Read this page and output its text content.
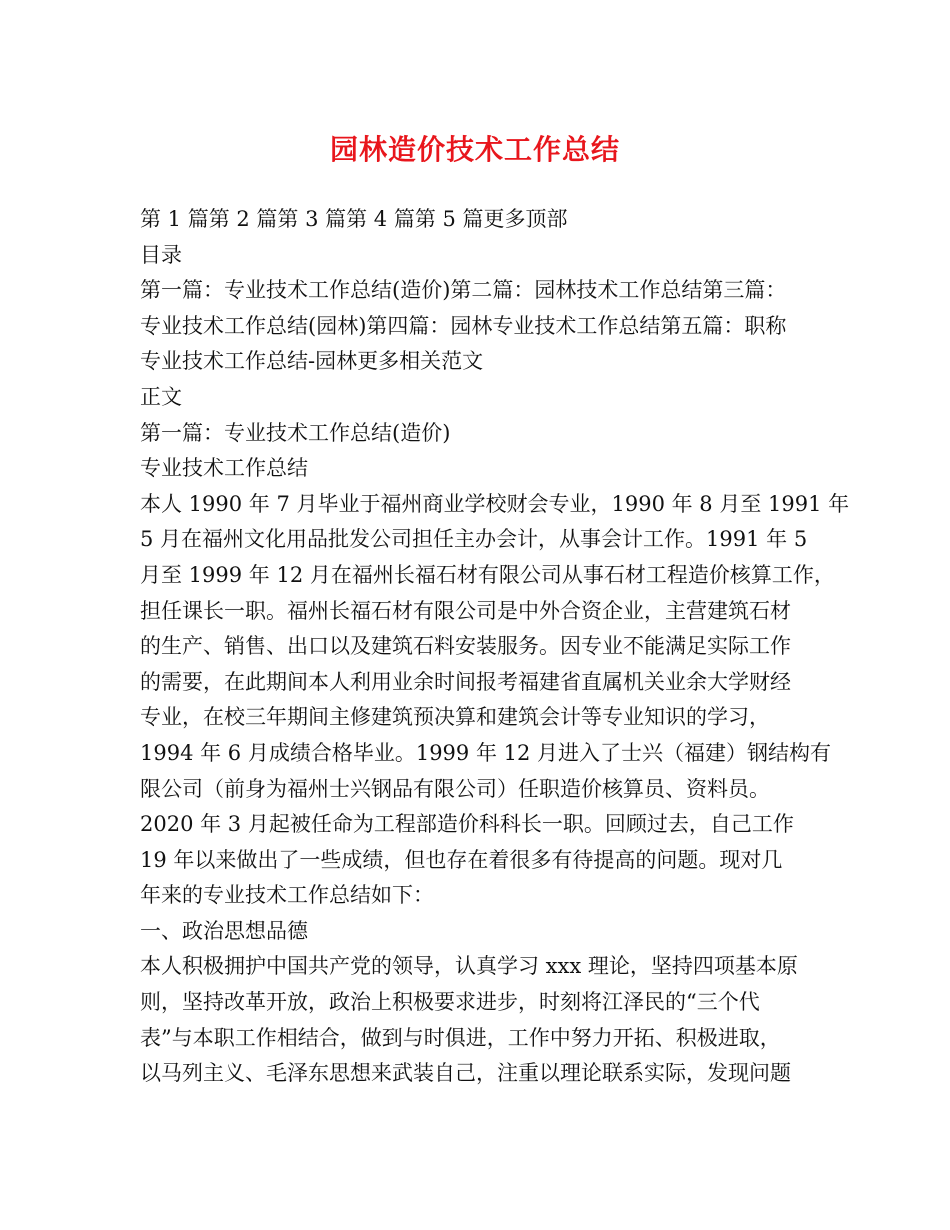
园林造价技术工作总结
第 1 篇第 2 篇第 3 篇第 4 篇第 5 篇更多顶部
目录
第一篇：专业技术工作总结(造价)第二篇：园林技术工作总结第三篇：
专业技术工作总结(园林)第四篇：园林专业技术工作总结第五篇：职称
专业技术工作总结-园林更多相关范文
正文
第一篇：专业技术工作总结(造价)
专业技术工作总结
本人 1990 年 7 月毕业于福州商业学校财会专业，1990 年 8 月至 1991 年
5 月在福州文化用品批发公司担任主办会计，从事会计工作。1991 年 5
月至 1999 年 12 月在福州长福石材有限公司从事石材工程造价核算工作，
担任课长一职。福州长福石材有限公司是中外合资企业，主营建筑石材
的生产、销售、出口以及建筑石料安装服务。因专业不能满足实际工作
的需要，在此期间本人利用业余时间报考福建省直属机关业余大学财经
专业，在校三年期间主修建筑预决算和建筑会计等专业知识的学习，
1994 年 6 月成绩合格毕业。1999 年 12 月进入了士兴（福建）钢结构有
限公司（前身为福州士兴钢品有限公司）任职造价核算员、资料员。
2020 年 3 月起被任命为工程部造价科科长一职。回顾过去，自己工作
19 年以来做出了一些成绩，但也存在着很多有待提高的问题。现对几
年来的专业技术工作总结如下：
一、政治思想品德
本人积极拥护中国共产党的领导，认真学习 xxx 理论，坚持四项基本原
则，坚持改革开放，政治上积极要求进步，时刻将江泽民的“三个代
表”与本职工作相结合，做到与时俱进，工作中努力开拓、积极进取，
以马列主义、毛泽东思想来武装自己，注重以理论联系实际，发现问题
